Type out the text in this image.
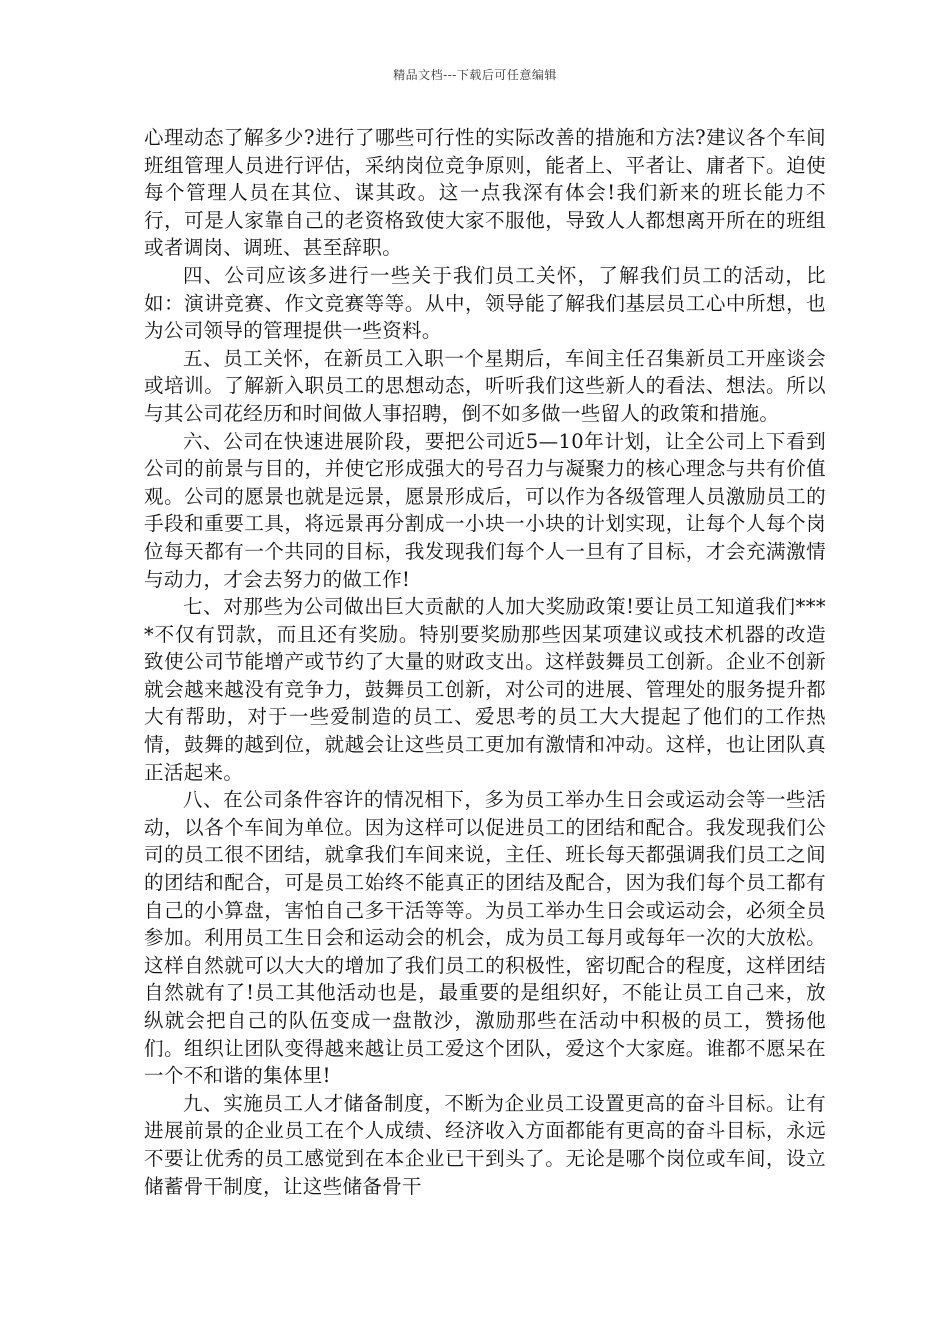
精品文档---下载后可任意编辑

心理动态了解多少?进行了哪些可行性的实际改善的措施和方法?建议各个车间班组管理人员进行评估，采纳岗位竞争原则，能者上、平者让、庸者下。迫使每个管理人员在其位、谋其政。这一点我深有体会!我们新来的班长能力不行，可是人家靠自己的老资格致使大家不服他，导致人人都想离开所在的班组或者调岗、调班、甚至辞职。

四、公司应该多进行一些关于我们员工关怀，了解我们员工的活动，比如：演讲竞赛、作文竞赛等等。从中，领导能了解我们基层员工心中所想，也为公司领导的管理提供一些资料。

五、员工关怀，在新员工入职一个星期后，车间主任召集新员工开座谈会或培训。了解新入职员工的思想动态，听听我们这些新人的看法、想法。所以与其公司花经历和时间做人事招聘，倒不如多做一些留人的政策和措施。

六、公司在快速进展阶段，要把公司近5—10年计划，让全公司上下看到公司的前景与目的，并使它形成强大的号召力与凝聚力的核心理念与共有价值观。公司的愿景也就是远景，愿景形成后，可以作为各级管理人员激励员工的手段和重要工具，将远景再分割成一小块一小块的计划实现，让每个人每个岗位每天都有一个共同的目标，我发现我们每个人一旦有了目标，才会充满激情与动力，才会去努力的做工作!

七、对那些为公司做出巨大贡献的人加大奖励政策!要让员工知道我们****不仅有罚款，而且还有奖励。特别要奖励那些因某项建议或技术机器的改造致使公司节能增产或节约了大量的财政支出。这样鼓舞员工创新。企业不创新就会越来越没有竞争力，鼓舞员工创新，对公司的进展、管理处的服务提升都大有帮助，对于一些爱制造的员工、爱思考的员工大大提起了他们的工作热情，鼓舞的越到位，就越会让这些员工更加有激情和冲动。这样，也让团队真正活起来。

八、在公司条件容许的情况相下，多为员工举办生日会或运动会等一些活动，以各个车间为单位。因为这样可以促进员工的团结和配合。我发现我们公司的员工很不团结，就拿我们车间来说，主任、班长每天都强调我们员工之间的团结和配合，可是员工始终不能真正的团结及配合，因为我们每个员工都有自己的小算盘，害怕自己多干活等等。为员工举办生日会或运动会，必须全员参加。利用员工生日会和运动会的机会，成为员工每月或每年一次的大放松。这样自然就可以大大的增加了我们员工的积极性，密切配合的程度，这样团结自然就有了!员工其他活动也是，最重要的是组织好，不能让员工自己来，放纵就会把自己的队伍变成一盘散沙，激励那些在活动中积极的员工，赞扬他们。组织让团队变得越来越让员工爱这个团队，爱这个大家庭。谁都不愿呆在一个不和谐的集体里!

九、实施员工人才储备制度，不断为企业员工设置更高的奋斗目标。让有进展前景的企业员工在个人成绩、经济收入方面都能有更高的奋斗目标，永远不要让优秀的员工感觉到在本企业已干到头了。无论是哪个岗位或车间，设立储蓄骨干制度，让这些储备骨干
